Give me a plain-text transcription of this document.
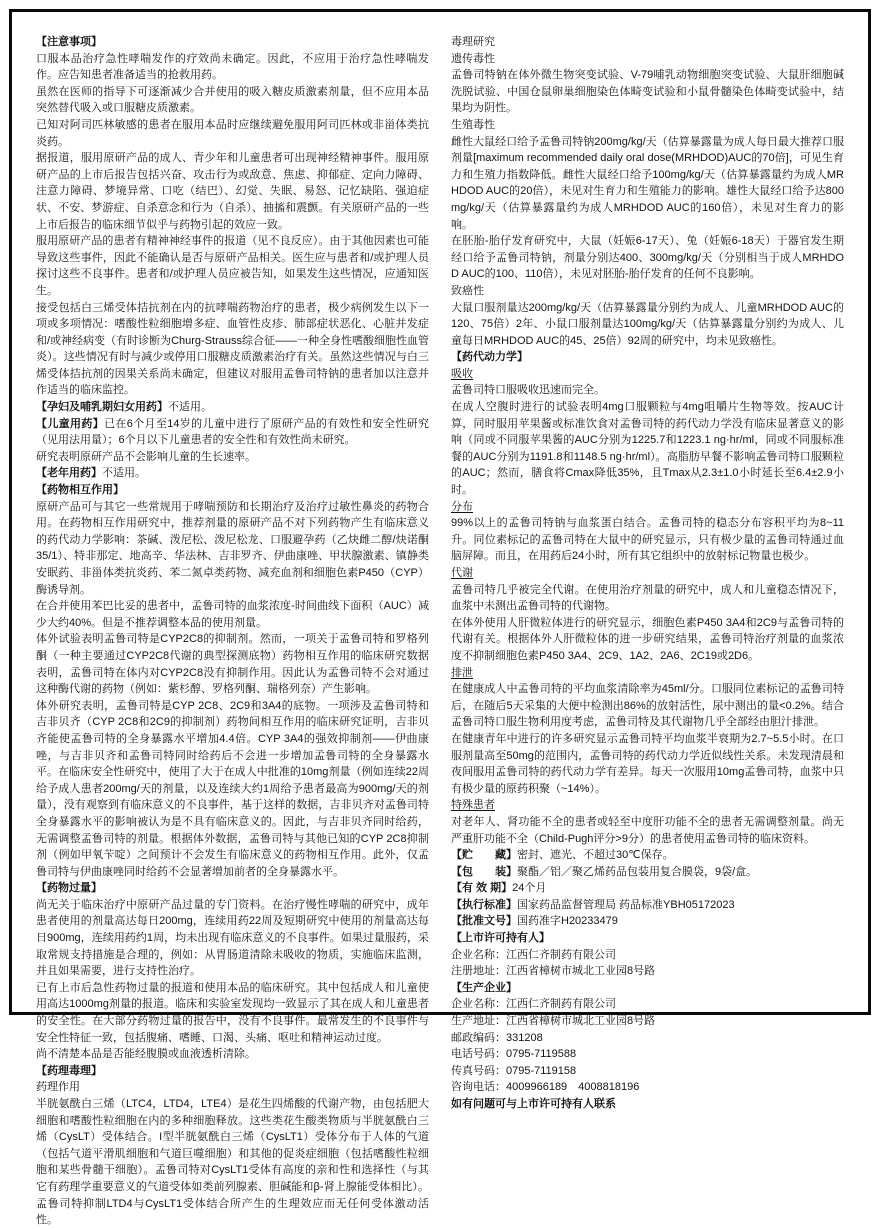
【注意事项】

口服本品治疗急性哮喘发作的疗效尚未确定。因此，不应用于治疗急性哮喘发作。应告知患者准备适当的抢救用药。

虽然在医师的指导下可逐渐减少合并使用的吸入糖皮质激素剂量，但不应用本品突然替代吸入或口服糖皮质激素。

已知对阿司匹林敏感的患者在服用本品时应继续避免服用阿司匹林或非甾体类抗炎药。

据报道，服用原研产品的成人、青少年和儿童患者可出现神经精神事件。服用原研产品的上市后报告包括兴奋、攻击行为或敌意、焦虑、抑郁症、定向力障碍、注意力障碍、梦境异常、口吃（结巴）、幻觉、失眠、易怒、记忆缺陷、强迫症状、不安、梦游症、自杀意念和行为（自杀）、抽搐和震颤。有关原研产品的一些上市后报告的临床细节似乎与药物引起的效应一致。

服用原研产品的患者有精神神经事件的报道（见不良反应）。由于其他因素也可能导致这些事件，因此不能确认是否与原研产品相关。医生应与患者和/或护理人员探讨这些不良事件。患者和/或护理人员应被告知，如果发生这些情况，应通知医生。

接受包括白三烯受体拮抗剂在内的抗哮喘药物治疗的患者，极少病例发生以下一项或多项情况：嗜酸性粒细胞增多症、血管性皮疹、肺部症状恶化、心脏并发症和/或神经病变（有时诊断为Churg-Strauss综合征——一种全身性嗜酸细胞性血管炎）。这些情况有时与减少或停用口服糖皮质激素治疗有关。虽然这些情况与白三烯受体拮抗剂的因果关系尚未确定，但建议对服用孟鲁司特钠的患者加以注意并作适当的临床监控。

【孕妇及哺乳期妇女用药】不适用。

【儿童用药】已在6个月至14岁的儿童中进行了原研产品的有效性和安全性研究（见用法用量）；6个月以下儿童患者的安全性和有效性尚未研究。

研究表明原研产品不会影响儿童的生长速率。

【老年用药】不适用。

【药物相互作用】

原研产品可与其它一些常规用于哮喘预防和长期治疗及治疗过敏性鼻炎的药物合用。在药物相互作用研究中，推荐剂量的原研产品不对下列药物产生有临床意义的药代动力学影响：茶碱、泼尼松、泼尼松龙、口服避孕药（乙炔雌二醇/炔诺酮35/1）、特非那定、地高辛、华法林、吉非罗齐、伊曲康唑、甲状腺激素、镇静类安眠药、非甾体类抗炎药、苯二氮卓类药物、减充血剂和细胞色素P450（CYP）酶诱导剂。

在合并使用苯巴比妥的患者中，孟鲁司特的血浆浓度-时间曲线下面积（AUC）减少大约40%。但是不推荐调整本品的使用剂量。

体外试验表明孟鲁司特是CYP2C8的抑制剂。然而，一项关于孟鲁司特和罗格列酮（一种主要通过CYP2C8代谢的典型探测底物）药物相互作用的临床研究数据表明，孟鲁司特在体内对CYP2C8没有抑制作用。因此认为孟鲁司特不会对通过这种酶代谢的药物（例如：紫杉醇、罗格列酮、瑞格列奈）产生影响。

体外研究表明，孟鲁司特是CYP 2C8、2C9和3A4的底物。一项涉及孟鲁司特和吉非贝齐（CYP 2C8和2C9的抑制剂）药物间相互作用的临床研究证明，吉非贝齐能使孟鲁司特的全身暴露水平增加4.4倍。CYP 3A4的强效抑制剂——伊曲康唑，与吉非贝齐和孟鲁司特同时给药后不会进一步增加孟鲁司特的全身暴露水平。在临床安全性研究中，使用了大于在成人中批准的10mg剂量（例如连续22周给予成人患者200mg/天的剂量，以及连续大约1周给予患者最高为900mg/天的剂量），没有观察到有临床意义的不良事件，基于这样的数据，吉非贝齐对孟鲁司特全身暴露水平的影响被认为是不具有临床意义的。因此，与吉非贝齐同时给药，无需调整孟鲁司特的剂量。根据体外数据，孟鲁司特与其他已知的CYP 2C8抑制剂（例如甲氧苄啶）之间预计不会发生有临床意义的药物相互作用。此外，仅孟鲁司特与伊曲康唑同时给药不会显著增加前者的全身暴露水平。

【药物过量】

尚无关于临床治疗中原研产品过量的专门资料。在治疗慢性哮喘的研究中，成年患者使用的剂量高达每日200mg，连续用药22周及短期研究中使用的剂量高达每日900mg，连续用药约1周，均未出现有临床意义的不良事件。如果过量服药，采取常规支持措施是合理的，例如：从胃肠道清除未吸收的物质，实施临床监测，并且如果需要，进行支持性治疗。

已有上市后急性药物过量的报道和使用本品的临床研究。其中包括成人和儿童使用高达1000mg剂量的报道。临床和实验室发现均一致显示了其在成人和儿童患者的安全性。在大部分药物过量的报告中，没有不良事件。最常发生的不良事件与安全性特征一致，包括腹痛、嗜睡、口渴、头痛、呕吐和精神运动过度。

尚不清楚本品是否能经腹膜或血液透析清除。

【药理毒理】

药理作用

半胱氨酰白三烯（LTC4，LTD4，LTE4）是花生四烯酸的代谢产物，由包括肥大细胞和嗜酸性粒细胞在内的多种细胞释放。这些类花生酸类物质与半胱氨酰白三烯（CysLT）受体结合。I型半胱氨酰白三烯（CysLT1）受体分布于人体的气道（包括气道平滑肌细胞和气道巨噬细胞）和其他的促炎症细胞（包括嗜酸性粒细胞和某些骨髓干细胞）。孟鲁司特对CysLT1受体有高度的亲和性和选择性（与其它有药理学重要意义的气道受体如类前列腺素、胆碱能和β-肾上腺能受体相比）。孟鲁司特抑制LTD4与CysLT1受体结合所产生的生理效应而无任何受体激动活性。

毒理研究

遗传毒性

孟鲁司特钠在体外微生物突变试验、V-79哺乳动物细胞突变试验、大鼠肝细胞碱洗脱试验、中国仓鼠卵巢细胞染色体畸变试验和小鼠骨髓染色体畸变试验中，结果均为阴性。

生殖毒性

雌性大鼠经口给予孟鲁司特钠200mg/kg/天（估算暴露量为成人每日最大推荐口服剂量[maximum recommended daily oral dose(MRHDOD)AUC的70倍]，可见生育力和生殖力指数降低。雌性大鼠经口给予100mg/kg/天（估算暴露量约为成人MRHDOD AUC的20倍），未见对生育力和生殖能力的影响。雄性大鼠经口给予达800mg/kg/天（估算暴露量约为成人MRHDOD AUC的160倍），未见对生育力的影响。

在胚胎-胎仔发育研究中，大鼠（妊娠6-17天）、兔（妊娠6-18天）于器官发生期经口给予孟鲁司特钠，剂量分别达400、300mg/kg/天（分别相当于成人MRHDOD AUC的100、110倍），未见对胚胎-胎仔发育的任何不良影响。

致癌性

大鼠口服剂量达200mg/kg/天（估算暴露量分别约为成人、儿童MRHDOD AUC的120、75倍）2年、小鼠口服剂量达100mg/kg/天（估算暴露量分别约为成人、儿童每日MRHDOD AUC的45、25倍）92周的研究中，均未见致癌性。

【药代动力学】

吸收

孟鲁司特口服吸收迅速而完全。

在成人空腹时进行的试验表明4mg口服颗粒与4mg咀嚼片生物等效。按AUC计算，同时服用苹果酱或标准饮食对孟鲁司特的药代动力学没有临床显著意义的影响（同或不同服苹果酱的AUC分别为1225.7和1223.1 ng·hr/ml，同或不同服标准餐的AUC分别为1191.8和1148.5 ng·hr/ml）。高脂肪早餐不影响孟鲁司特口服颗粒的AUC；然而，膳食将Cmax降低35%，且Tmax从2.3±1.0小时延长至6.4±2.9小时。

分布

99%以上的孟鲁司特钠与血浆蛋白结合。孟鲁司特的稳态分布容积平均为8~11升。同位素标记的孟鲁司特在大鼠中的研究显示，只有极少量的孟鲁司特通过血脑屏障。而且，在用药后24小时，所有其它组织中的放射标记物量也极少。

代谢

孟鲁司特几乎被完全代谢。在使用治疗剂量的研究中，成人和儿童稳态情况下，血浆中未测出孟鲁司特的代谢物。

在体外使用人肝微粒体进行的研究显示，细胞色素P450 3A4和2C9与孟鲁司特的代谢有关。根据体外人肝微粒体的进一步研究结果，孟鲁司特治疗剂量的血浆浓度不抑制细胞色素P450 3A4、2C9、1A2、2A6、2C19或2D6。

排泄

在健康成人中孟鲁司特的平均血浆清除率为45ml/分。口服同位素标记的孟鲁司特后，在随后5天采集的大便中检测出86%的放射活性，尿中测出的量<0.2%。结合孟鲁司特口服生物利用度考虑，孟鲁司特及其代谢物几乎全部经由胆汁排泄。

在健康青年中进行的许多研究显示孟鲁司特平均血浆半衰期为2.7~5.5小时。在口服剂量高至50mg的范围内，孟鲁司特的药代动力学近似线性关系。未发现清晨和夜间服用孟鲁司特的药代动力学有差异。每天一次服用10mg孟鲁司特，血浆中只有极少量的原药积聚（~14%）。

特殊患者

对老年人、肾功能不全的患者或轻至中度肝功能不全的患者无需调整剂量。尚无严重肝功能不全（Child-Pugh评分>9分）的患者使用孟鲁司特的临床资料。

【贮　　藏】密封、遮光、不超过30℃保存。

【包　　装】聚酯／铝／聚乙烯药品包装用复合膜袋，9袋/盒。

【有 效 期】24个月

【执行标准】国家药品监督管理局 药品标准YBH05172023

【批准文号】国药准字H20233479

【上市许可持有人】

企业名称：江西仁齐制药有限公司

注册地址：江西省樟树市城北工业园8号路

【生产企业】

企业名称：江西仁齐制药有限公司

生产地址：江西省樟树市城北工业园8号路

邮政编码：331208

电话号码：0795-7119588

传真号码：0795-7119158

咨询电话：4009966189　4008818196

如有问题可与上市许可持有人联系
